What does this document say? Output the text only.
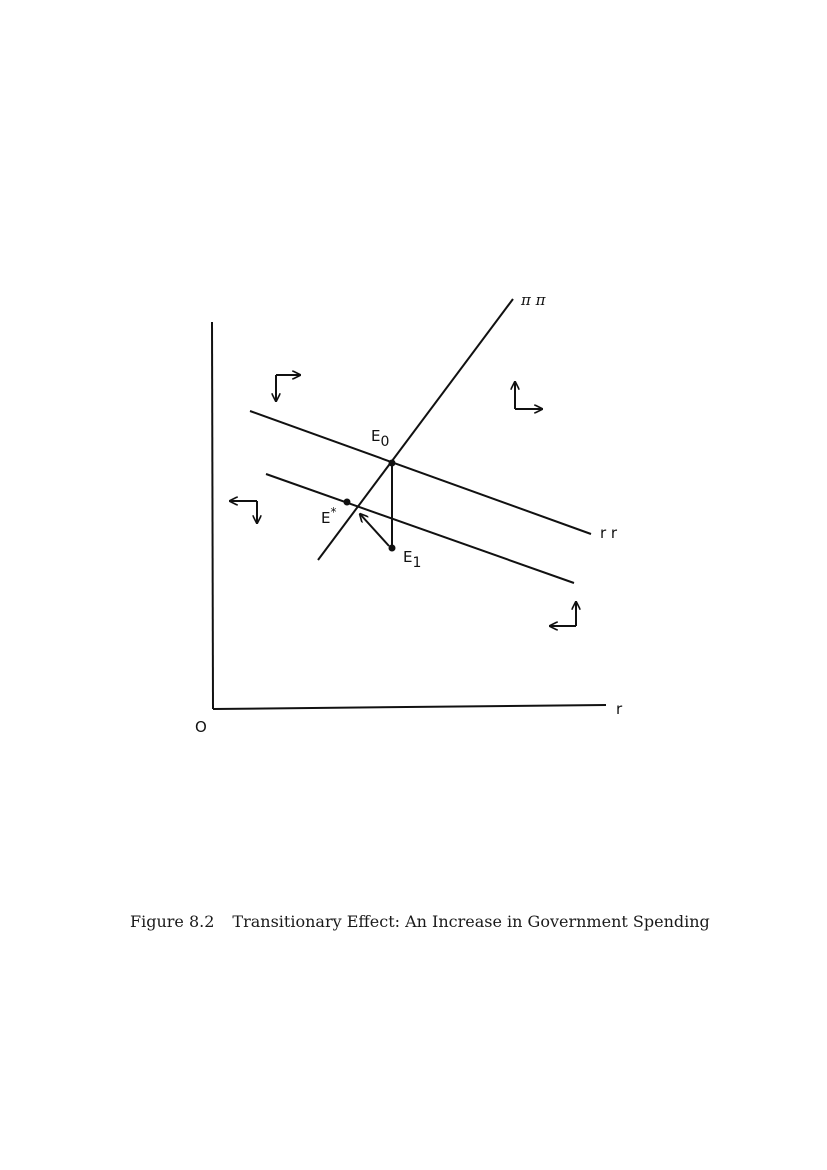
O
r
π π
r r
E0
E1
E*
Figure 8.2 Transitionary Effect: An Increase in Government Spending
